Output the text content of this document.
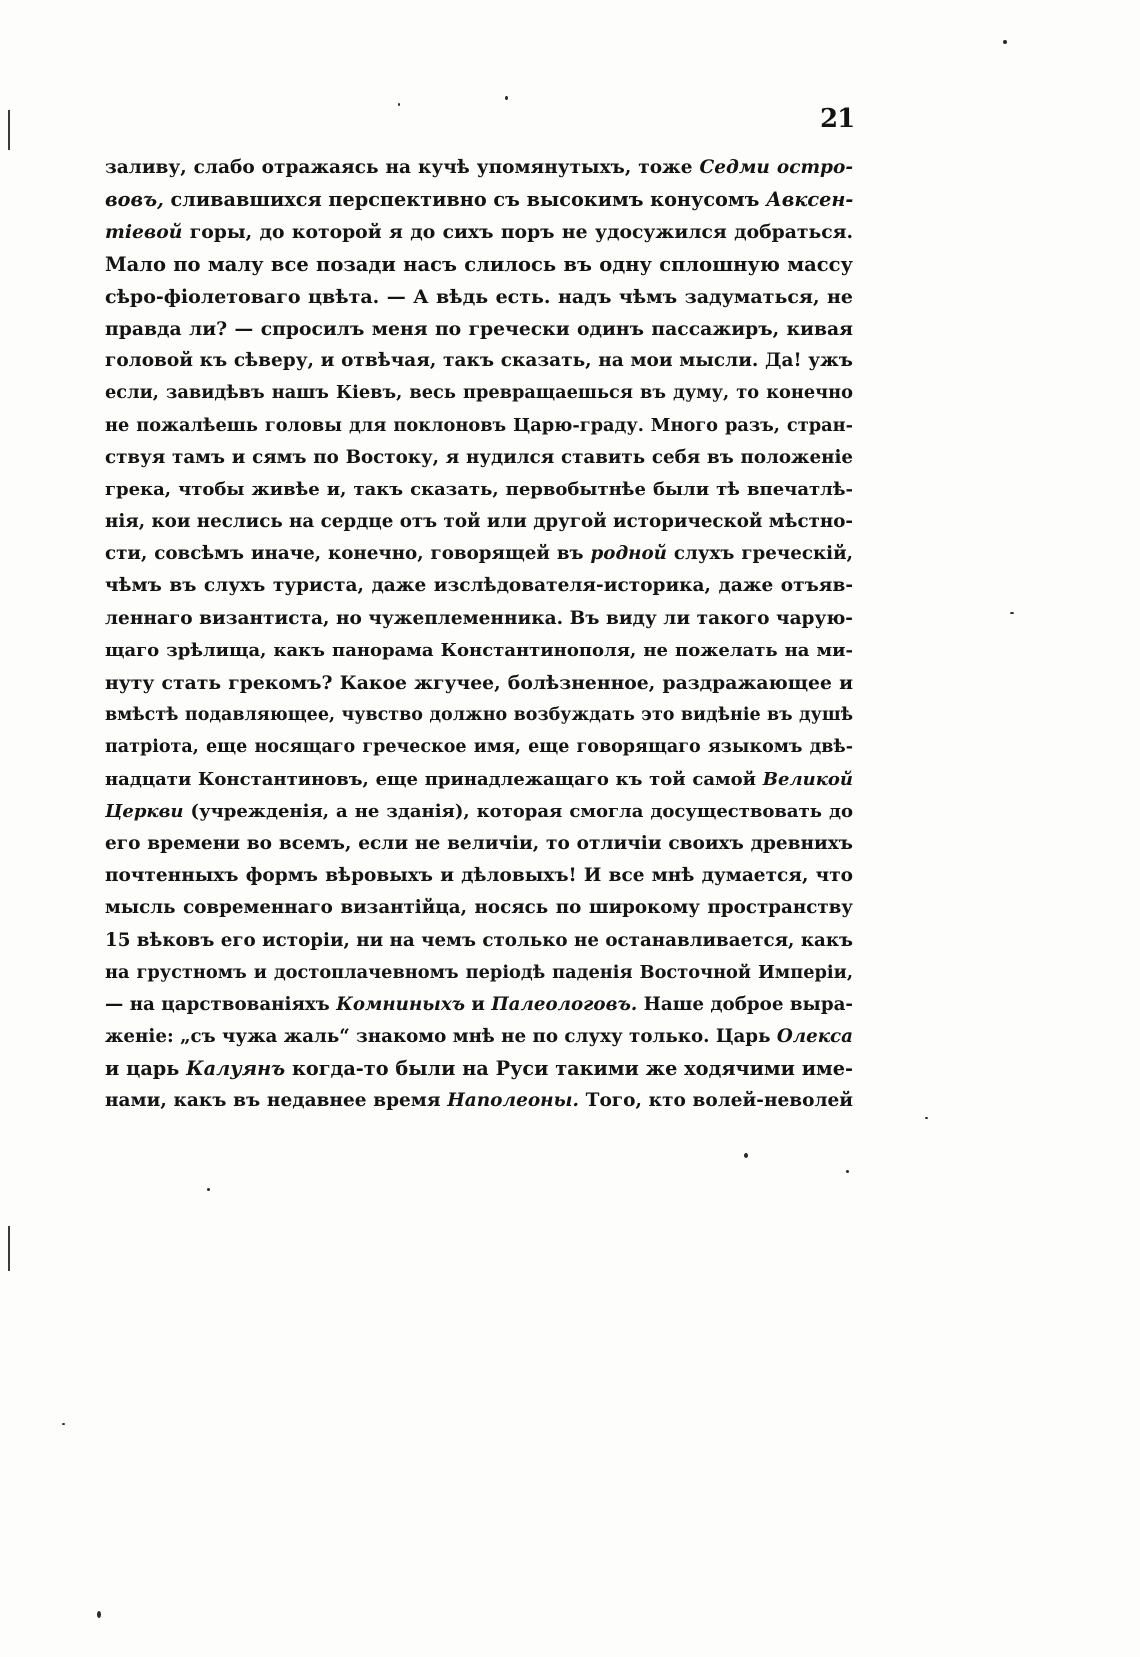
21
заливу, слабо отражаясь на кучѣ упомянутыхъ, тоже Седми остро-
вовъ, сливавшихся перспективно съ высокимъ конусомъ Авксен-
тіевой горы, до которой я до сихъ поръ не удосужился добраться.
Мало по малу все позади насъ слилось въ одну сплошную массу
сѣро-фіолетоваго цвѣта. — А вѣдь есть. надъ чѣмъ задуматься, не
правда ли? — спросилъ меня по гречески одинъ пассажиръ, кивая
головой къ сѣверу, и отвѣчая, такъ сказать, на мои мысли. Да! ужъ
если, завидѣвъ нашъ Кіевъ, весь превращаешься въ думу, то конечно
не пожалѣешь головы для поклоновъ Царю-граду. Много разъ, стран-
ствуя тамъ и сямъ по Востоку, я нудился ставить себя въ положеніе
грека, чтобы живѣе и, такъ сказать, первобытнѣе были тѣ впечатлѣ-
нія, кои неслись на сердце отъ той или другой исторической мѣстно-
сти, совсѣмъ иначе, конечно, говорящей въ родной слухъ греческій,
чѣмъ въ слухъ туриста, даже изслѣдователя-историка, даже отъяв-
леннаго византиста, но чужеплеменника. Въ виду ли такого чарую-
щаго зрѣлища, какъ панорама Константинополя, не пожелать на ми-
нуту стать грекомъ? Какое жгучее, болѣзненное, раздражающее и
вмѣстѣ подавляющее, чувство должно возбуждать это видѣніе въ душѣ
патріота, еще носящаго греческое имя, еще говорящаго языкомъ двѣ-
надцати Константиновъ, еще принадлежащаго къ той самой Великой
Церкви (учрежденія, а не зданія), которая смогла досуществовать до
его времени во всемъ, если не величіи, то отличіи своихъ древнихъ
почтенныхъ формъ вѣровыхъ и дѣловыхъ! И все мнѣ думается, что
мысль современнаго византійца, носясь по широкому пространству
15 вѣковъ его исторіи, ни на чемъ столько не останавливается, какъ
на грустномъ и достоплачевномъ періодѣ паденія Восточной Имперіи,
— на царствованіяхъ Комниныхъ и Палеологовъ. Наше доброе выра-
женіе: „съ чужа жаль“ знакомо мнѣ не по слуху только. Царь Олекса
и царь Калуянъ когда-то были на Руси такими же ходячими име-
нами, какъ въ недавнее время Наполеоны. Того, кто волей-неволей
